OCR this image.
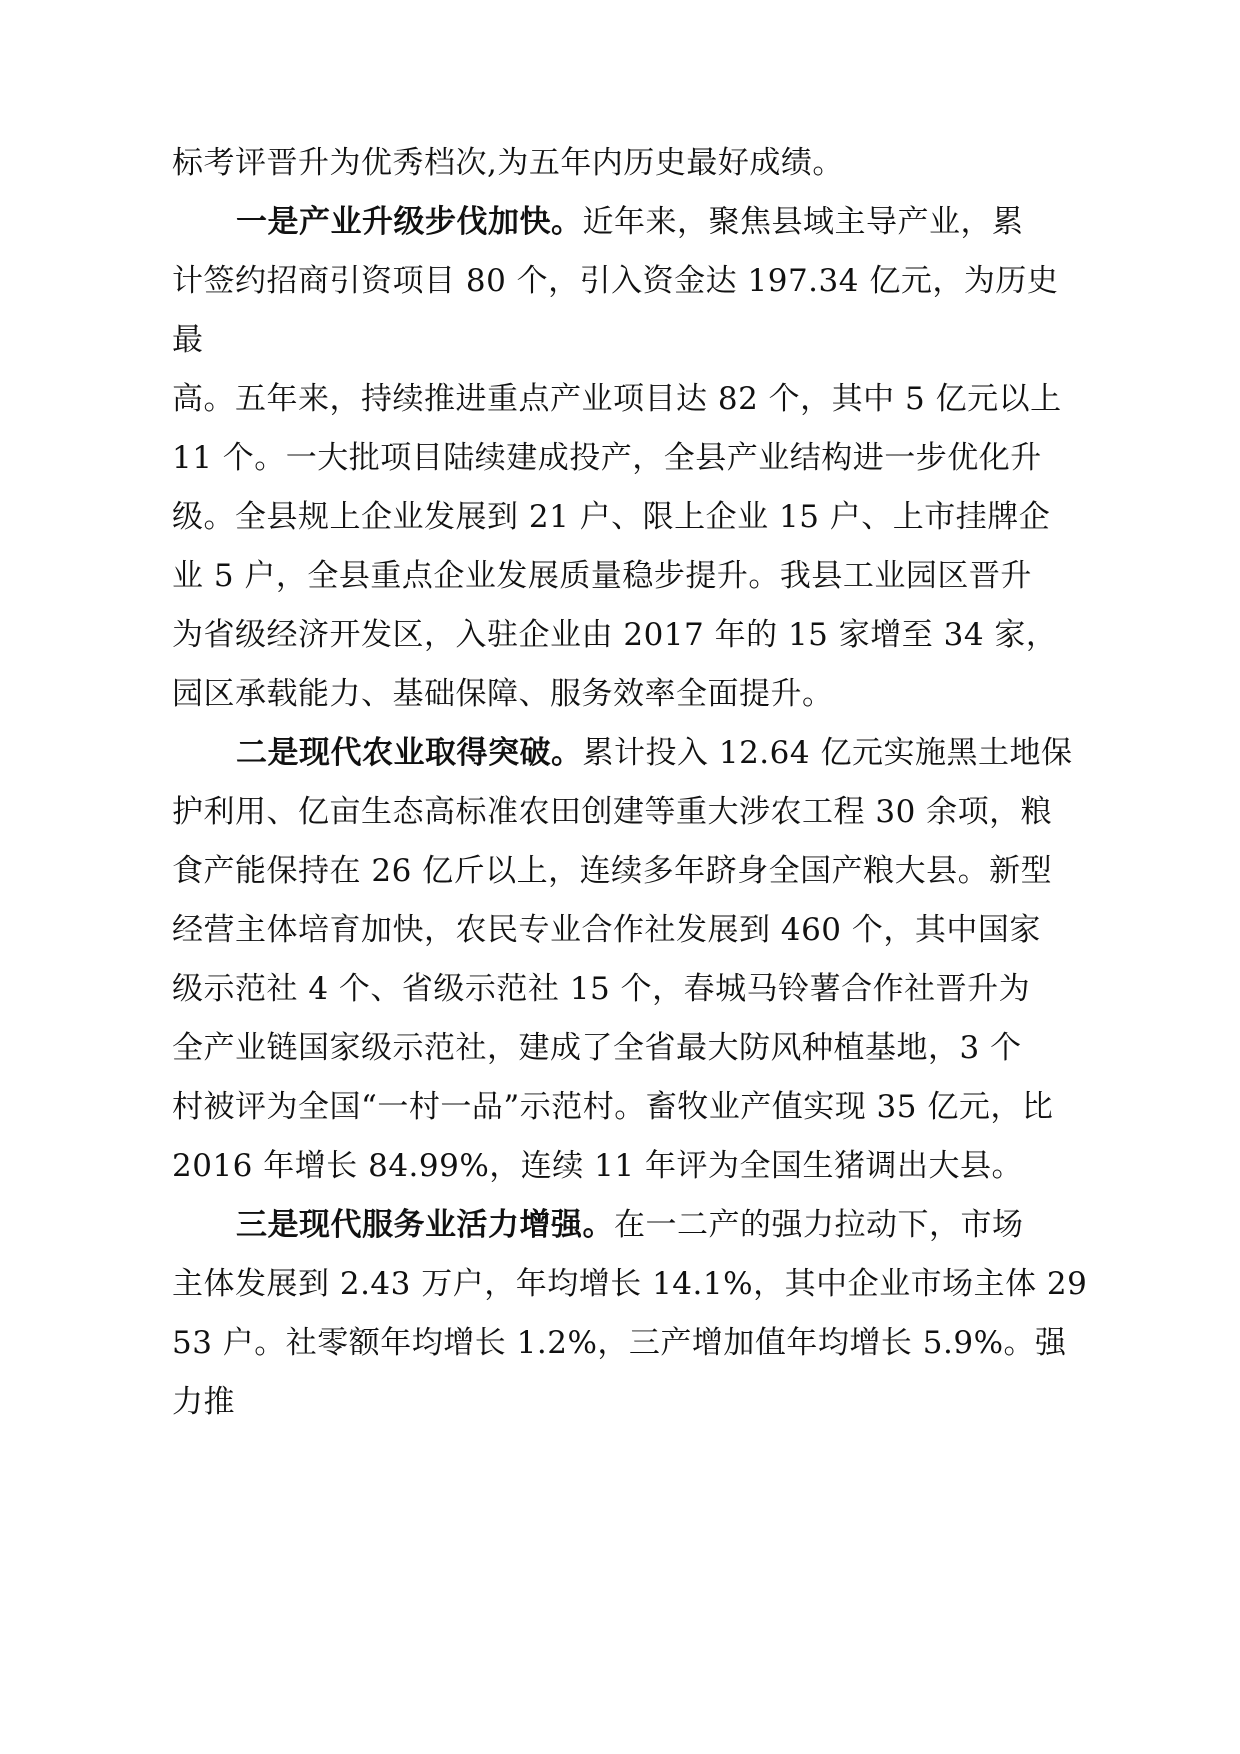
标考评晋升为优秀档次,为五年内历史最好成绩。
一是产业升级步伐加快。近年来，聚焦县域主导产业，累
计签约招商引资项目 80 个，引入资金达 197.34 亿元，为历史
最
高。五年来，持续推进重点产业项目达 82 个，其中 5 亿元以上
11 个。一大批项目陆续建成投产，全县产业结构进一步优化升
级。全县规上企业发展到 21 户、限上企业 15 户、上市挂牌企
业 5 户，全县重点企业发展质量稳步提升。我县工业园区晋升
为省级经济开发区，入驻企业由 2017 年的 15 家增至 34 家，
园区承载能力、基础保障、服务效率全面提升。
二是现代农业取得突破。累计投入 12.64 亿元实施黑土地保
护利用、亿亩生态高标准农田创建等重大涉农工程 30 余项，粮
食产能保持在 26 亿斤以上，连续多年跻身全国产粮大县。新型
经营主体培育加快，农民专业合作社发展到 460 个，其中国家
级示范社 4 个、省级示范社 15 个，春城马铃薯合作社晋升为
全产业链国家级示范社，建成了全省最大防风种植基地，3 个
村被评为全国“一村一品”示范村。畜牧业产值实现 35 亿元，比
2016 年增长 84.99%，连续 11 年评为全国生猪调出大县。
三是现代服务业活力增强。在一二产的强力拉动下，市场
主体发展到 2.43 万户，年均增长 14.1%，其中企业市场主体 29
53 户。社零额年均增长 1.2%，三产增加值年均增长 5.9%。强
力推
